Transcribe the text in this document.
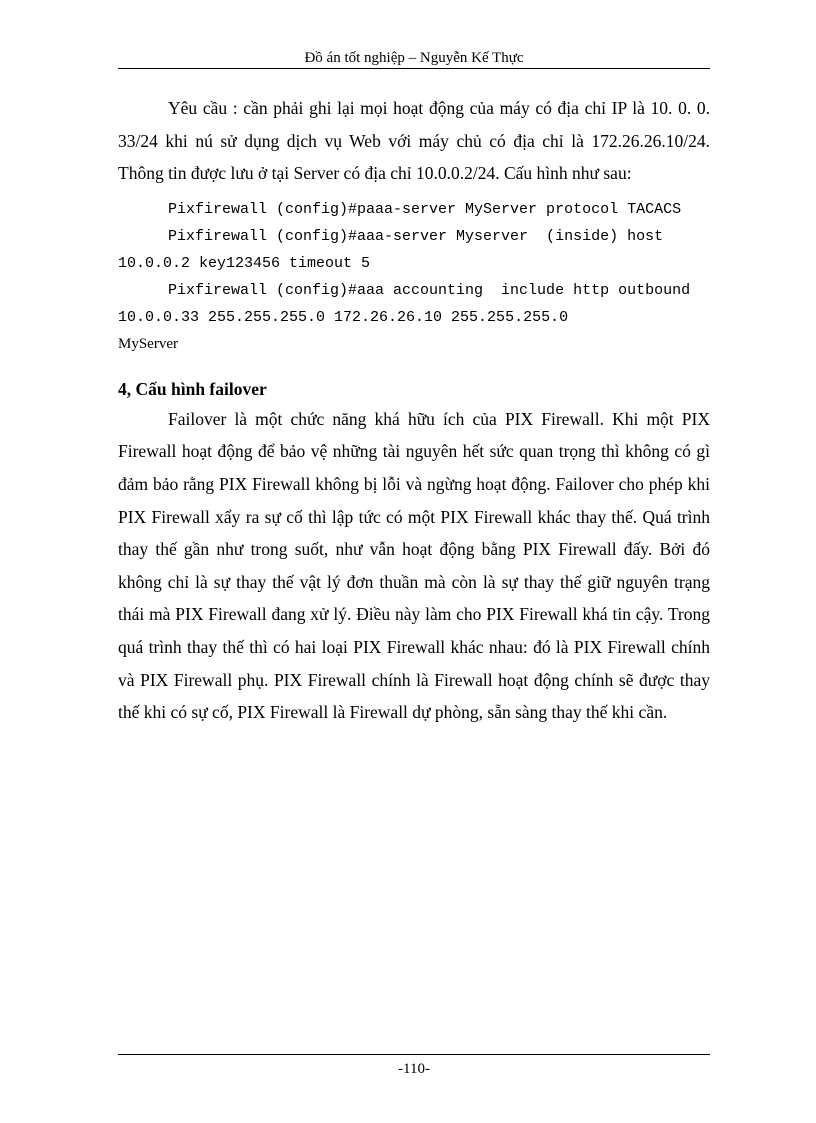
Đồ án tốt nghiệp – Nguyễn Kế Thực

Yêu cầu : cần phải ghi lại mọi hoạt động của máy có địa chỉ IP là 10. 0. 0. 33/24 khi nú sử dụng dịch vụ Web với máy chủ có địa chỉ là 172.26.26.10/24. Thông tin được lưu ở tại Server có địa chỉ 10.0.0.2/24. Cấu hình như sau:

Pixfirewall (config)#paaa-server MyServer protocol TACACS

Pixfirewall (config)#aaa-server Myserver  (inside) host 10.0.0.2 key123456 timeout 5

Pixfirewall (config)#aaa accounting  include http outbound 10.0.0.33 255.255.255.0 172.26.26.10 255.255.255.0

MyServer

4, Cấu hình failover

Failover là một chức năng khá hữu ích của PIX Firewall. Khi một PIX Firewall hoạt động để bảo vệ những tài nguyên hết sức quan trọng thì không có gì đảm bảo rằng PIX Firewall không bị lỗi và ngừng hoạt động. Failover cho phép khi PIX Firewall xẩy ra sự cố thì lập tức có một PIX Firewall khác thay thế. Quá trình thay thế gần như trong suốt, như vẫn hoạt động bằng PIX Firewall đấy. Bởi đó không chỉ là sự thay thế vật lý đơn thuần mà còn là sự thay thế giữ nguyên trạng thái mà PIX Firewall đang xử lý. Điều này làm cho PIX Firewall khá tin cậy. Trong quá trình thay thế thì có hai loại PIX Firewall khác nhau: đó là PIX Firewall chính và PIX Firewall phụ. PIX Firewall chính là Firewall hoạt động chính sẽ được thay thế khi có sự cố, PIX Firewall là Firewall dự phòng, sẵn sàng thay thế khi cần.

-110-
